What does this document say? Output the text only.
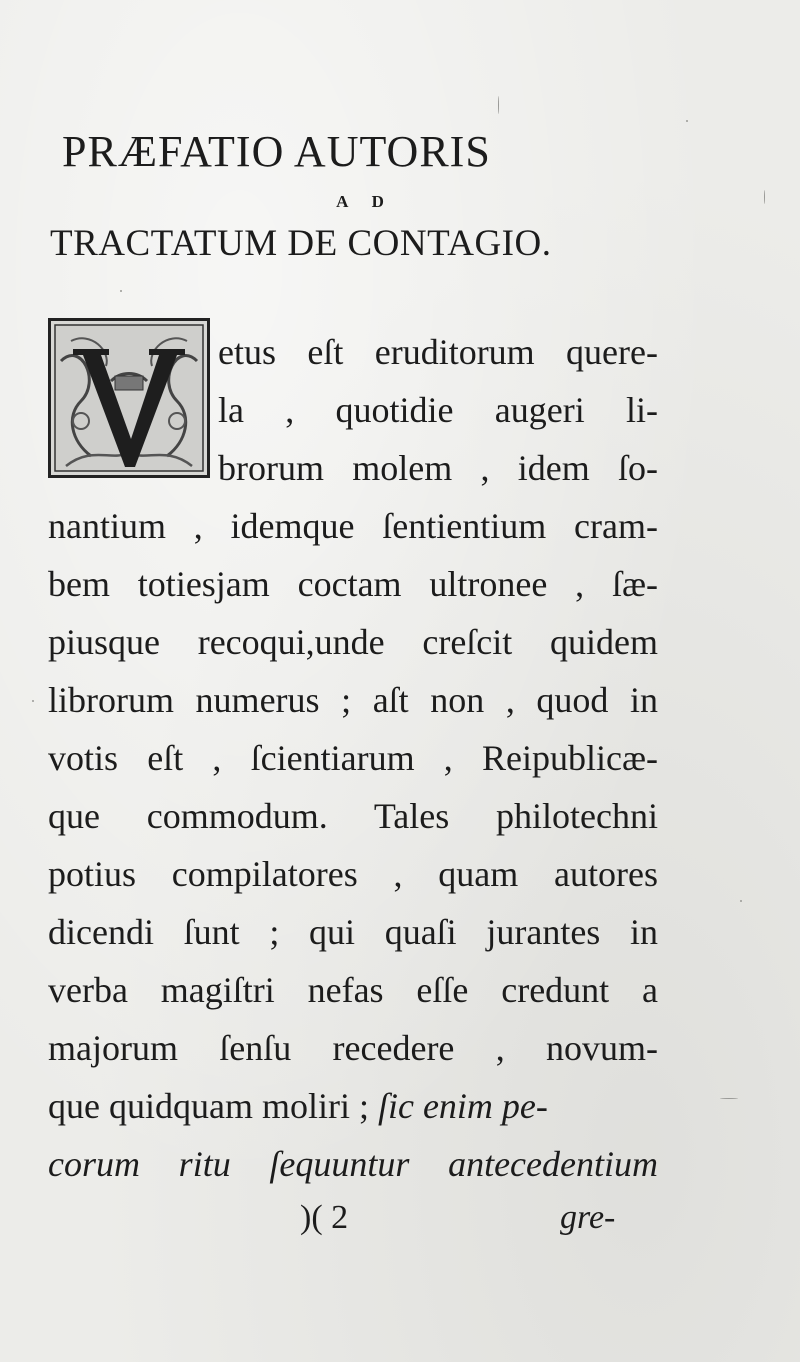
PRÆFATIO AUTORIS
A D
TRACTATUM DE CONTAGIO.
etus eſt eruditorum quere-
la , quotidie augeri li-
brorum molem , idem ſo-
nantium , idemque ſentientium cram-
bem totiesjam coctam ultronee , ſæ-
piusque recoqui,unde creſcit quidem
librorum numerus ; aſt non , quod in
votis eſt , ſcientiarum , Reipublicæ-
que commodum. Tales philotechni
potius compilatores , quam autores
dicendi ſunt ; qui quaſi jurantes in
verba magiſtri nefas eſſe credunt a
majorum ſenſu recedere , novum-
que quidquam moliri ; ſic enim pe-
corum ritu ſequuntur antecedentium
)( 2	gre-
